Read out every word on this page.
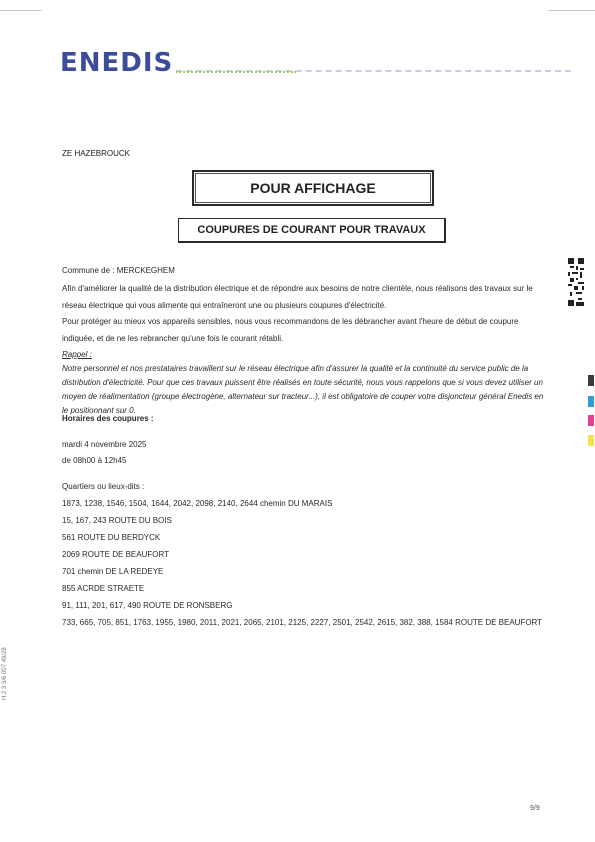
ENEDIS
ZE HAZEBROUCK
POUR AFFICHAGE
COUPURES DE COURANT POUR TRAVAUX
Commune de : MERCKEGHEM
Afin d'améliorer la qualité de la distribution électrique et de répondre aux besoins de notre clientèle, nous réalisons des travaux sur le réseau électrique qui vous alimente qui entraîneront une ou plusieurs coupures d'électricité.
Pour protéger au mieux vos appareils sensibles, nous vous recommandons de les débrancher avant l'heure de début de coupure indiquée, et de ne les rebrancher qu'une fois le courant rétabli.
Rappel :
Notre personnel et nos prestataires travaillent sur le réseau électrique afin d'assurer la qualité et la continuité du service public de la distribution d'électricité. Pour que ces travaux puissent être réalisés en toute sécurité, nous vous rappelons que si vous devez utiliser un moyen de réalimentation (groupe électrogène, alternateur sur tracteur...), il est obligatoire de couper votre disjoncteur général Enedis en le positionnant sur 0.
Horaires des coupures :
mardi 4 novembre 2025
de 08h00 à 12h45
Quartiers ou lieux-dits :
1873, 1238, 1546, 1504, 1644, 2042, 2098, 2140, 2644 chemin DU MARAIS
15, 167, 243 ROUTE DU BOIS
561 ROUTE DU BERDYCK
2069 ROUTE DE BEAUFORT
701 chemin DE LA REDEYE
855 ACRDE STRAETE
91, 111, 201, 617, 490 ROUTE DE RONSBERG
733, 665, 705, 851, 1763, 1955, 1980, 2011, 2021, 2065, 2101, 2125, 2227, 2501, 2542, 2615, 382, 388, 1584 ROUTE DE BEAUFORT
H 2 3 9/6 007 49/28
9/9
